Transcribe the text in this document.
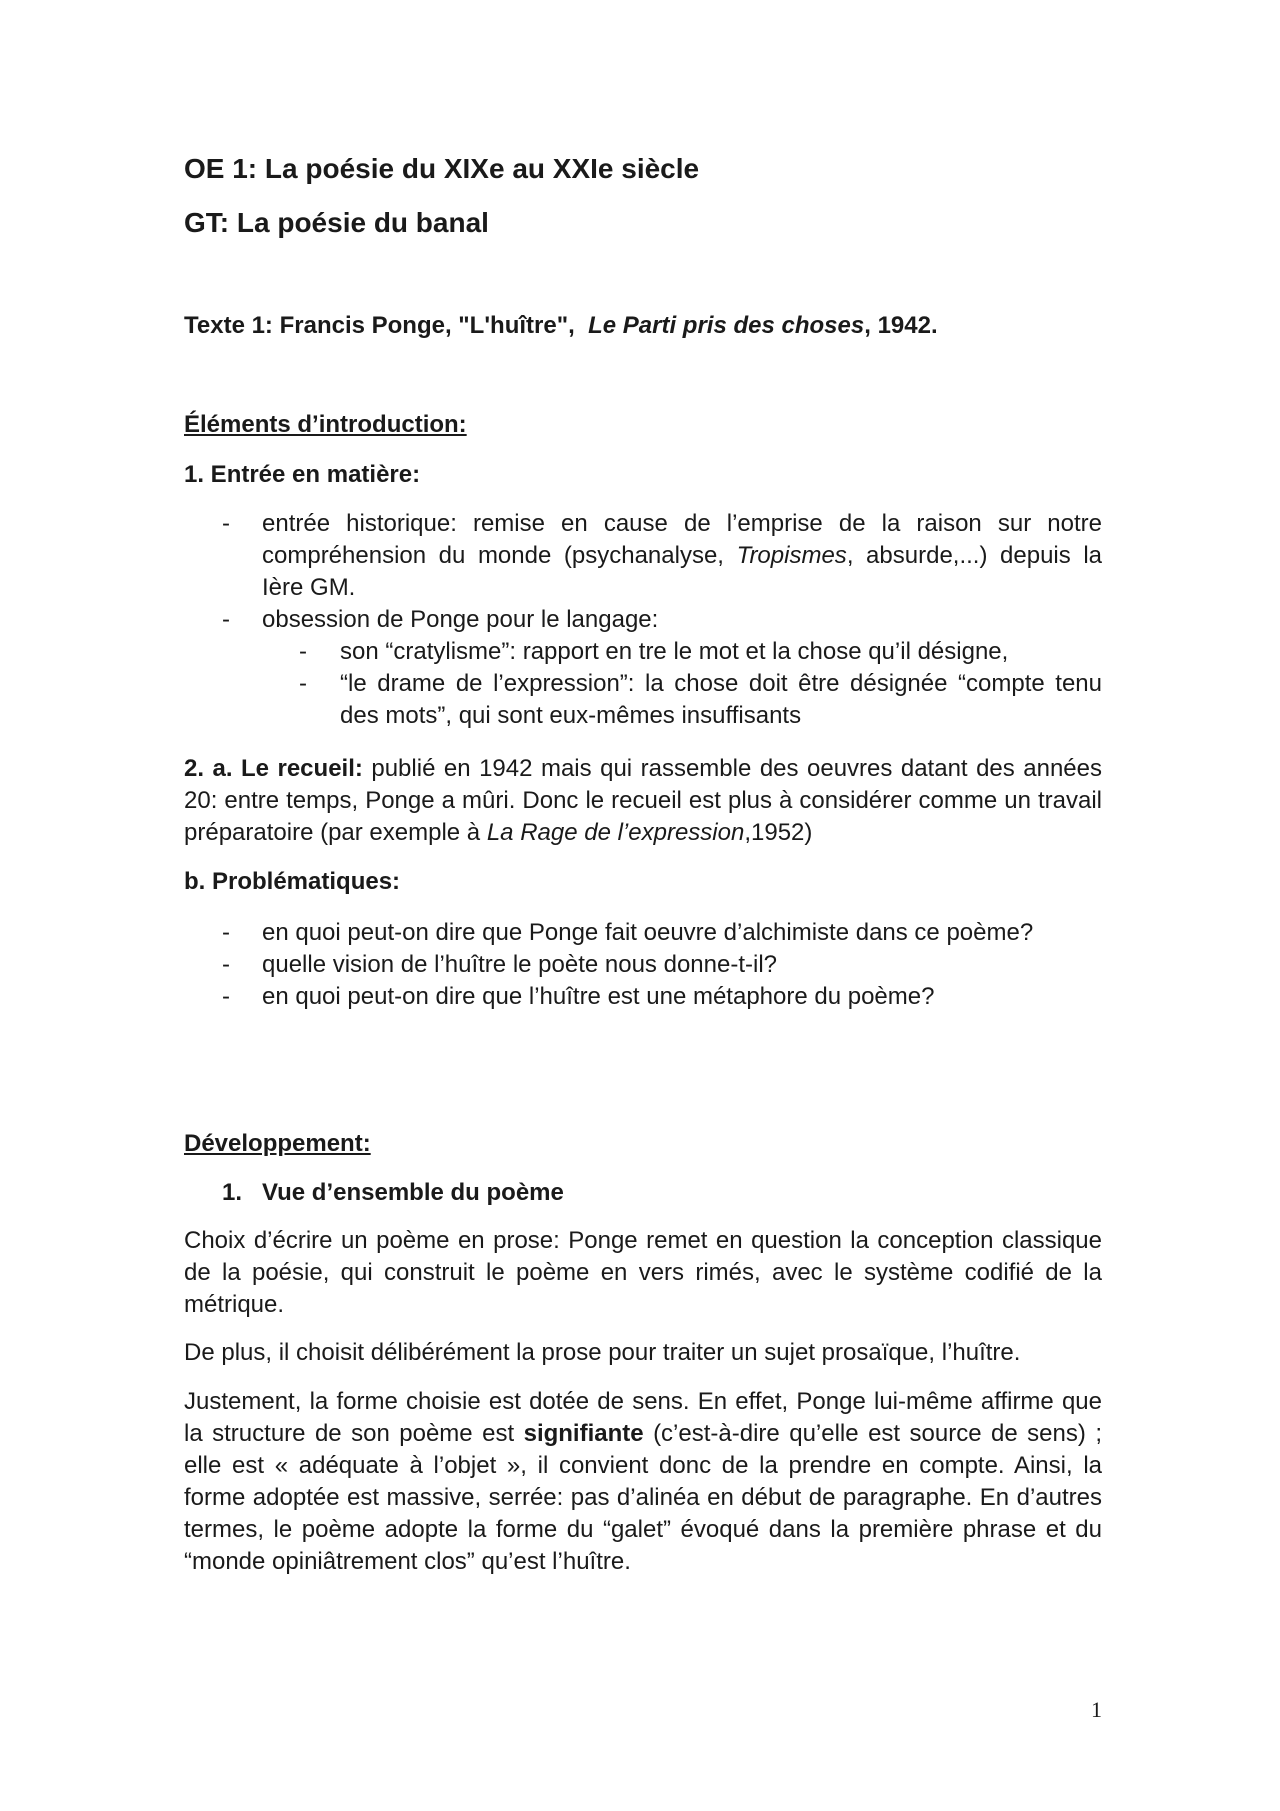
OE 1: La poésie du XIXe au XXIe siècle
GT: La poésie du banal
Texte 1: Francis Ponge, "L'huître", Le Parti pris des choses, 1942.
Éléments d’introduction:
1. Entrée en matière:
- entrée historique: remise en cause de l’emprise de la raison sur notre compréhension du monde (psychanalyse, Tropismes, absurde,...) depuis la Ière GM.
- obsession de Ponge pour le langage:
- son “cratylisme”: rapport en tre le mot et la chose qu’il désigne,
- “le drame de l’expression”: la chose doit être désignée “compte tenu des mots”, qui sont eux-mêmes insuffisants
2. a. Le recueil: publié en 1942 mais qui rassemble des oeuvres datant des années 20: entre temps, Ponge a mûri. Donc le recueil est plus à considérer comme un travail préparatoire (par exemple à La Rage de l’expression,1952)
b. Problématiques:
- en quoi peut-on dire que Ponge fait oeuvre d’alchimiste dans ce poème?
- quelle vision de l’huître le poète nous donne-t-il?
- en quoi peut-on dire que l’huître est une métaphore du poème?
Développement:
1. Vue d’ensemble du poème
Choix d’écrire un poème en prose: Ponge remet en question la conception classique de la poésie, qui construit le poème en vers rimés, avec le système codifié de la métrique.
De plus, il choisit délibérément la prose pour traiter un sujet prosaïque, l’huître.
Justement, la forme choisie est dotée de sens. En effet, Ponge lui-même affirme que la structure de son poème est signifiante (c’est-à-dire qu’elle est source de sens) ; elle est « adéquate à l’objet », il convient donc de la prendre en compte. Ainsi, la forme adoptée est massive, serrée: pas d’alinéa en début de paragraphe. En d’autres termes, le poème adopte la forme du “galet” évoqué dans la première phrase et du “monde opiniâtrement clos” qu’est l’huître.
1
